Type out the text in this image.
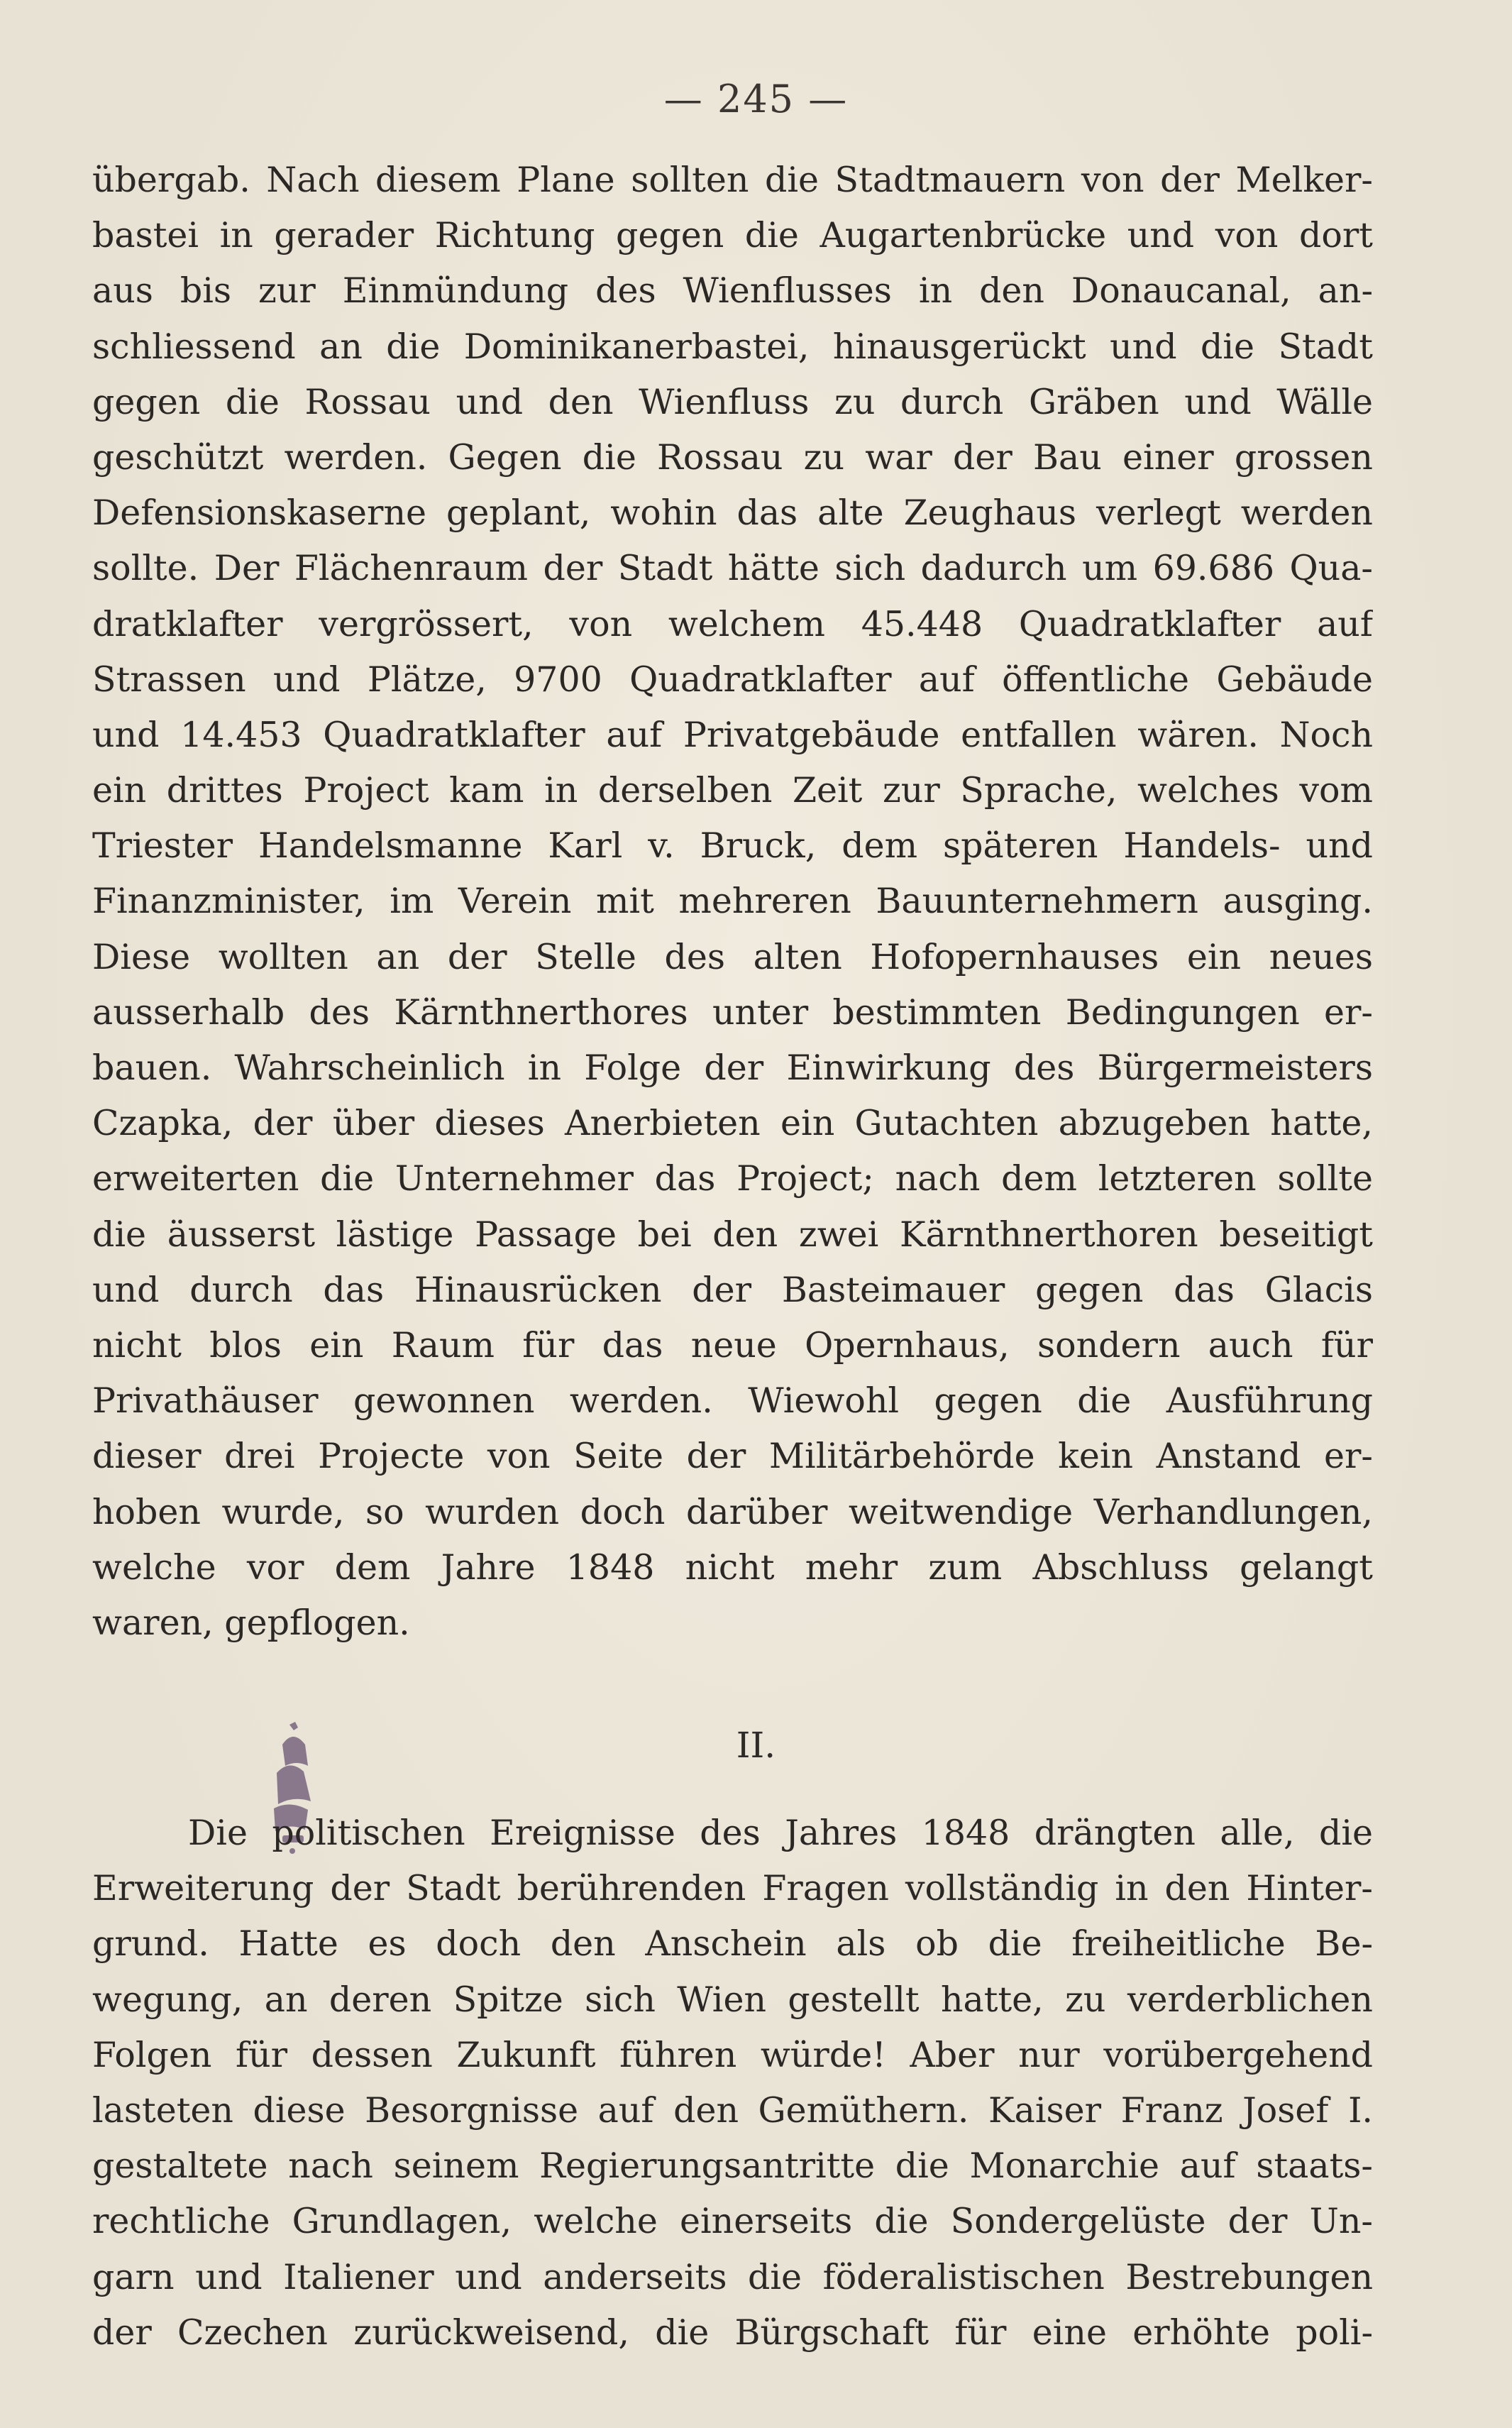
— 245 —
übergab. Nach diesem Plane sollten die Stadtmauern von der Melker-
bastei in gerader Richtung gegen die Augartenbrücke und von dort
aus bis zur Einmündung des Wienflusses in den Donaucanal, an-
schliessend an die Dominikanerbastei, hinausgerückt und die Stadt
gegen die Rossau und den Wienfluss zu durch Gräben und Wälle
geschützt werden. Gegen die Rossau zu war der Bau einer grossen
Defensionskaserne geplant, wohin das alte Zeughaus verlegt werden
sollte. Der Flächenraum der Stadt hätte sich dadurch um 69.686 Qua-
dratklafter vergrössert, von welchem 45.448 Quadratklafter auf
Strassen und Plätze, 9700 Quadratklafter auf öffentliche Gebäude
und 14.453 Quadratklafter auf Privatgebäude entfallen wären. Noch
ein drittes Project kam in derselben Zeit zur Sprache, welches vom
Triester Handelsmanne Karl v. Bruck, dem späteren Handels- und
Finanzminister, im Verein mit mehreren Bauunternehmern ausging.
Diese wollten an der Stelle des alten Hofopernhauses ein neues
ausserhalb des Kärnthnerthores unter bestimmten Bedingungen er-
bauen. Wahrscheinlich in Folge der Einwirkung des Bürgermeisters
Czapka, der über dieses Anerbieten ein Gutachten abzugeben hatte,
erweiterten die Unternehmer das Project; nach dem letzteren sollte
die äusserst lästige Passage bei den zwei Kärnthnerthoren beseitigt
und durch das Hinausrücken der Basteimauer gegen das Glacis
nicht blos ein Raum für das neue Opernhaus, sondern auch für
Privathäuser gewonnen werden. Wiewohl gegen die Ausführung
dieser drei Projecte von Seite der Militärbehörde kein Anstand er-
hoben wurde, so wurden doch darüber weitwendige Verhandlungen,
welche vor dem Jahre 1848 nicht mehr zum Abschluss gelangt
waren, gepflogen.
II.
Die politischen Ereignisse des Jahres 1848 drängten alle, die
Erweiterung der Stadt berührenden Fragen vollständig in den Hinter-
grund. Hatte es doch den Anschein als ob die freiheitliche Be-
wegung, an deren Spitze sich Wien gestellt hatte, zu verderblichen
Folgen für dessen Zukunft führen würde! Aber nur vorübergehend
lasteten diese Besorgnisse auf den Gemüthern. Kaiser Franz Josef I.
gestaltete nach seinem Regierungsantritte die Monarchie auf staats-
rechtliche Grundlagen, welche einerseits die Sondergelüste der Un-
garn und Italiener und anderseits die föderalistischen Bestrebungen
der Czechen zurückweisend, die Bürgschaft für eine erhöhte poli-
